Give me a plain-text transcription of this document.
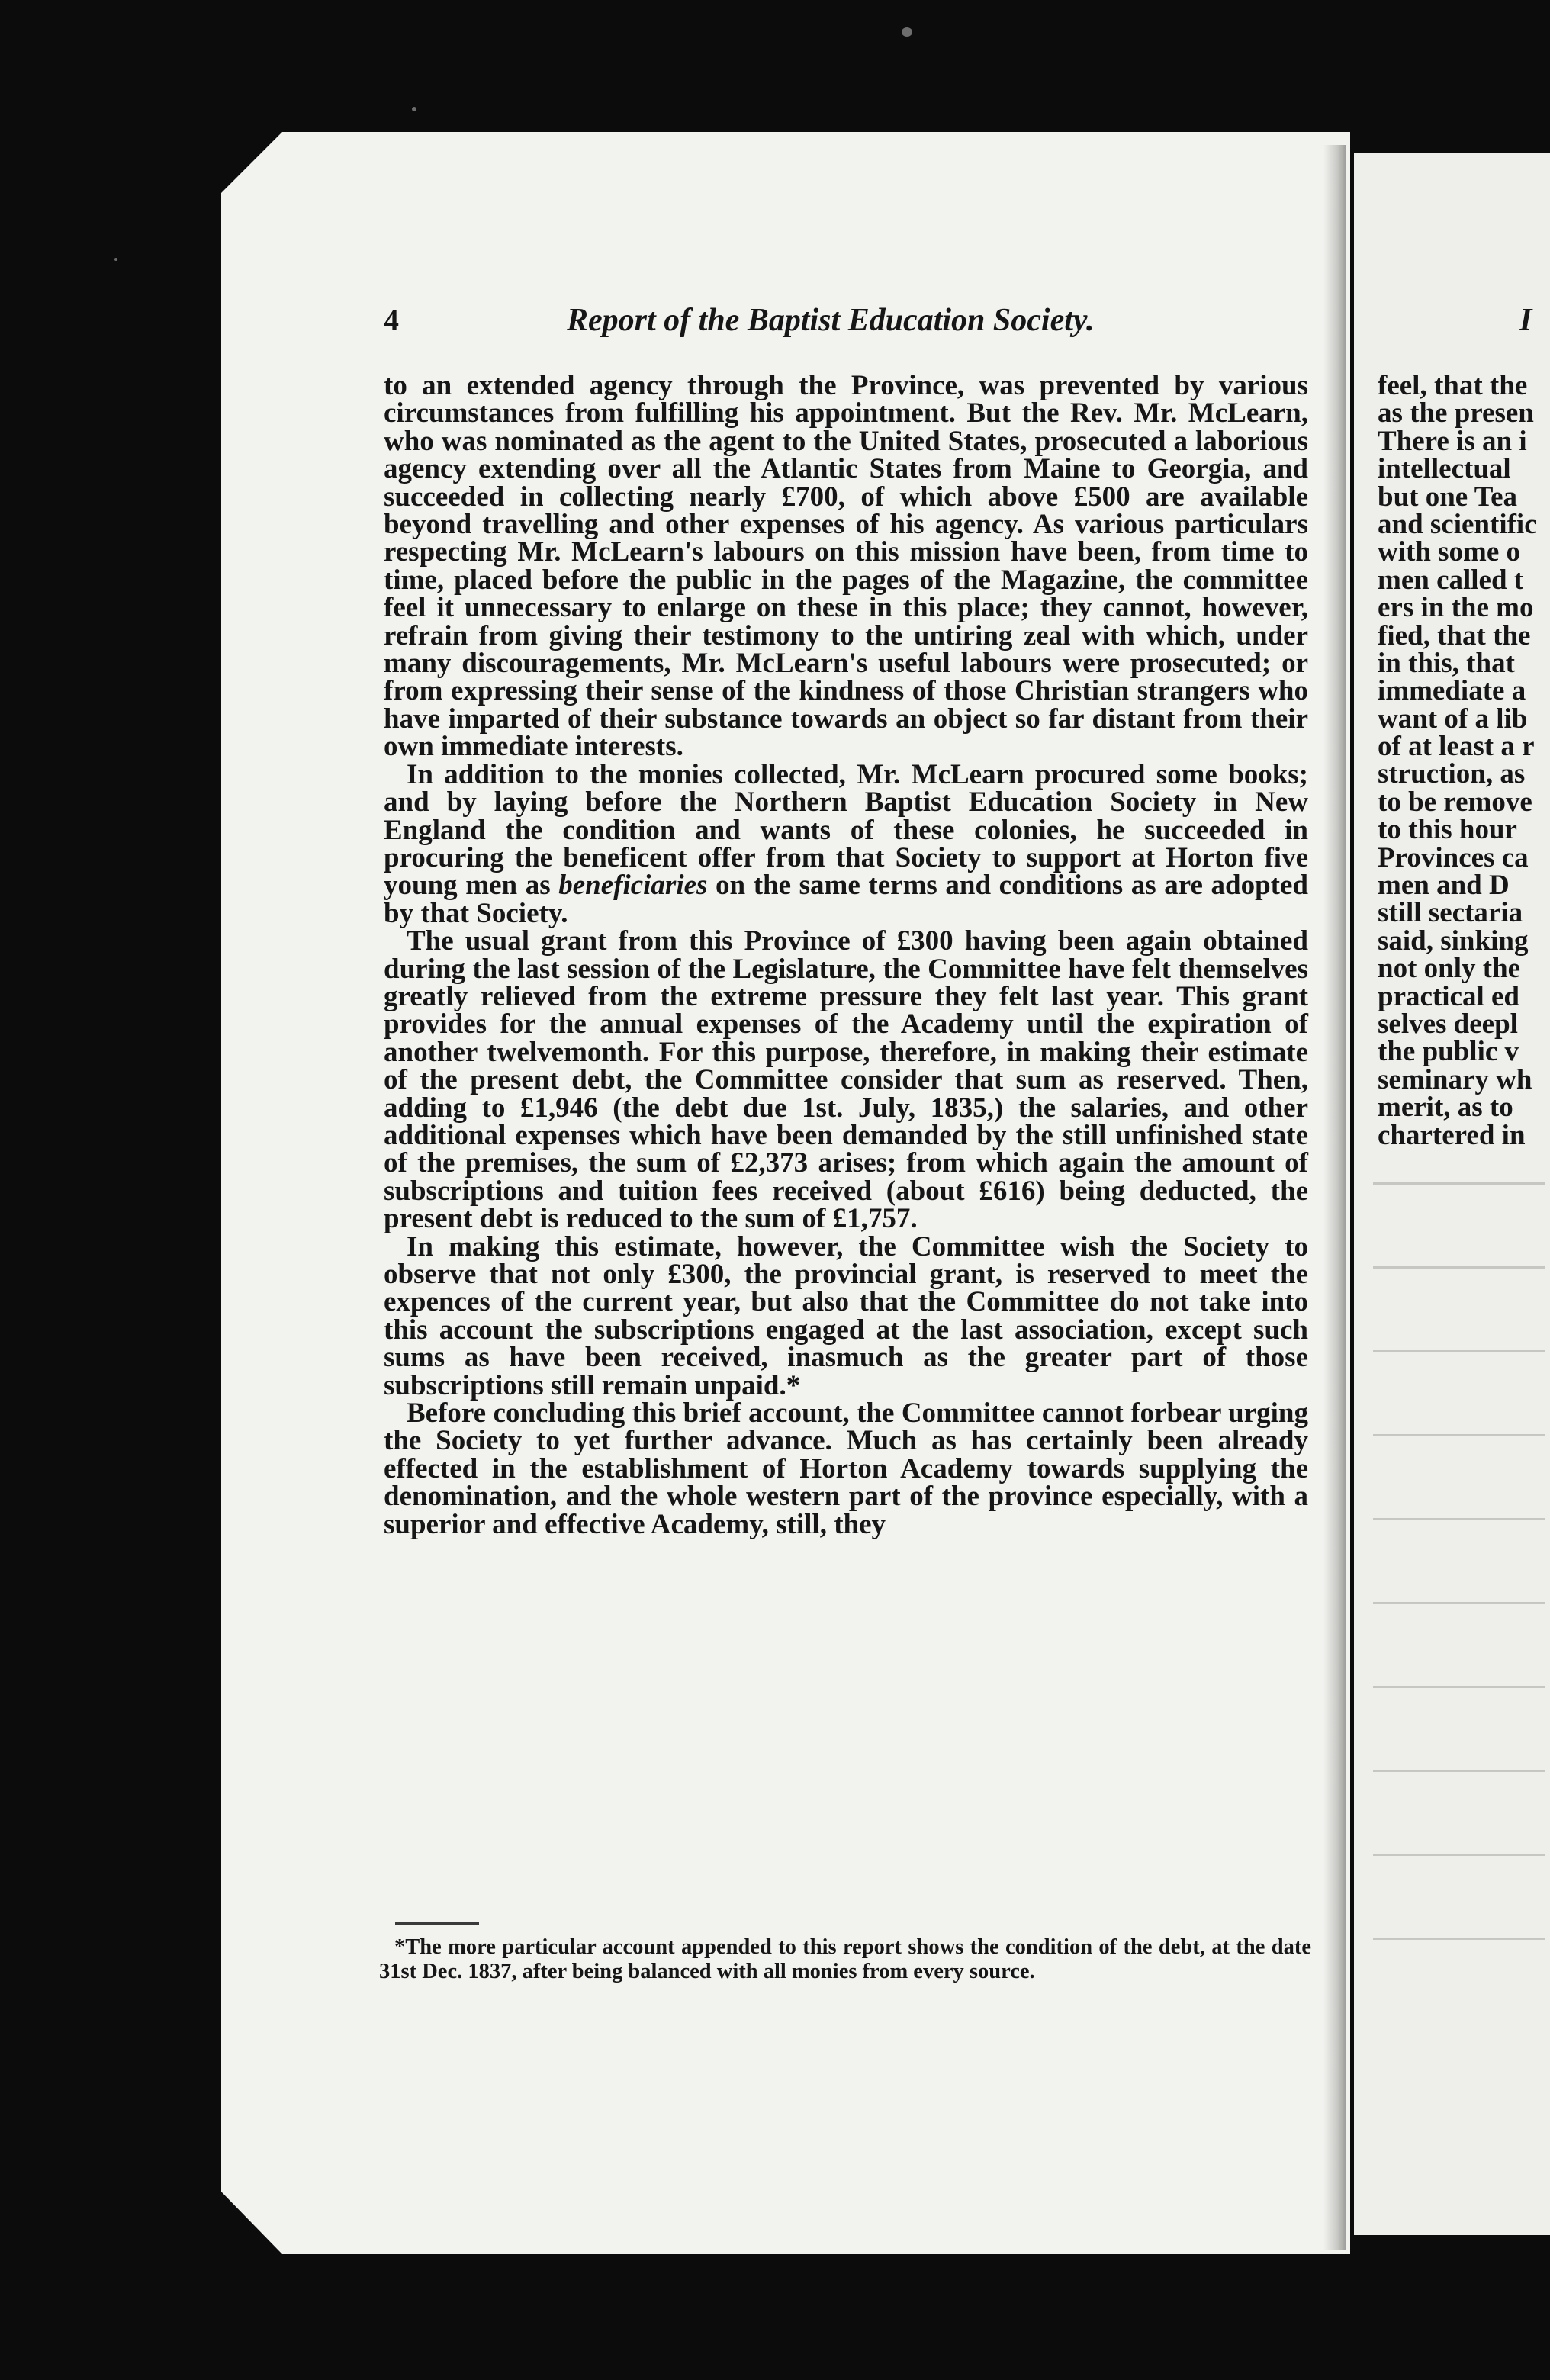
4	Report of the Baptist Education Society.	I

to an extended agency through the Province, was prevented by various circumstances from fulfilling his appointment. But the Rev. Mr. McLearn, who was nominated as the agent to the United States, prosecuted a laborious agency extending over all the Atlantic States from Maine to Georgia, and succeeded in collecting nearly £700, of which above £500 are available beyond travelling and other expenses of his agency. As various particulars respecting Mr. McLearn's labours on this mission have been, from time to time, placed before the public in the pages of the Magazine, the committee feel it unnecessary to enlarge on these in this place; they cannot, however, refrain from giving their testimony to the untiring zeal with which, under many discouragements, Mr. McLearn's useful labours were prosecuted; or from expressing their sense of the kindness of those Christian strangers who have imparted of their substance towards an object so far distant from their own immediate interests.

In addition to the monies collected, Mr. McLearn procured some books; and by laying before the Northern Baptist Education Society in New England the condition and wants of these colonies, he succeeded in procuring the beneficent offer from that Society to support at Horton five young men as beneficiaries on the same terms and conditions as are adopted by that Society.

The usual grant from this Province of £300 having been again obtained during the last session of the Legislature, the Committee have felt themselves greatly relieved from the extreme pressure they felt last year. This grant provides for the annual expenses of the Academy until the expiration of another twelvemonth. For this purpose, therefore, in making their estimate of the present debt, the Committee consider that sum as reserved. Then, adding to £1,946 (the debt due 1st. July, 1835,) the salaries, and other additional expenses which have been demanded by the still unfinished state of the premises, the sum of £2,373 arises; from which again the amount of subscriptions and tuition fees received (about £616) being deducted, the present debt is reduced to the sum of £1,757.

In making this estimate, however, the Committee wish the Society to observe that not only £300, the provincial grant, is reserved to meet the expences of the current year, but also that the Committee do not take into this account the subscriptions engaged at the last association, except such sums as have been received, inasmuch as the greater part of those subscriptions still remain unpaid.*

Before concluding this brief account, the Committee cannot forbear urging the Society to yet further advance. Much as has certainly been already effected in the establishment of Horton Academy towards supplying the denomination, and the whole western part of the province especially, with a superior and effective Academy, still, they

*The more particular account appended to this report shows the condition of the debt, at the date 31st Dec. 1837, after being balanced with all monies from every source.
feel, that the
as the presen
There is an i
intellectual
but one Tea
and scientific
with some o
men called t
ers in the mo
fied, that the
in this, that
immediate a
want of a lib
of at least a r
struction, as
to be remove
to this hour
Provinces ca
men and D
still sectaria
said, sinking
not only the
practical ed
selves deepl
the public v
seminary wh
merit, as to
chartered in
